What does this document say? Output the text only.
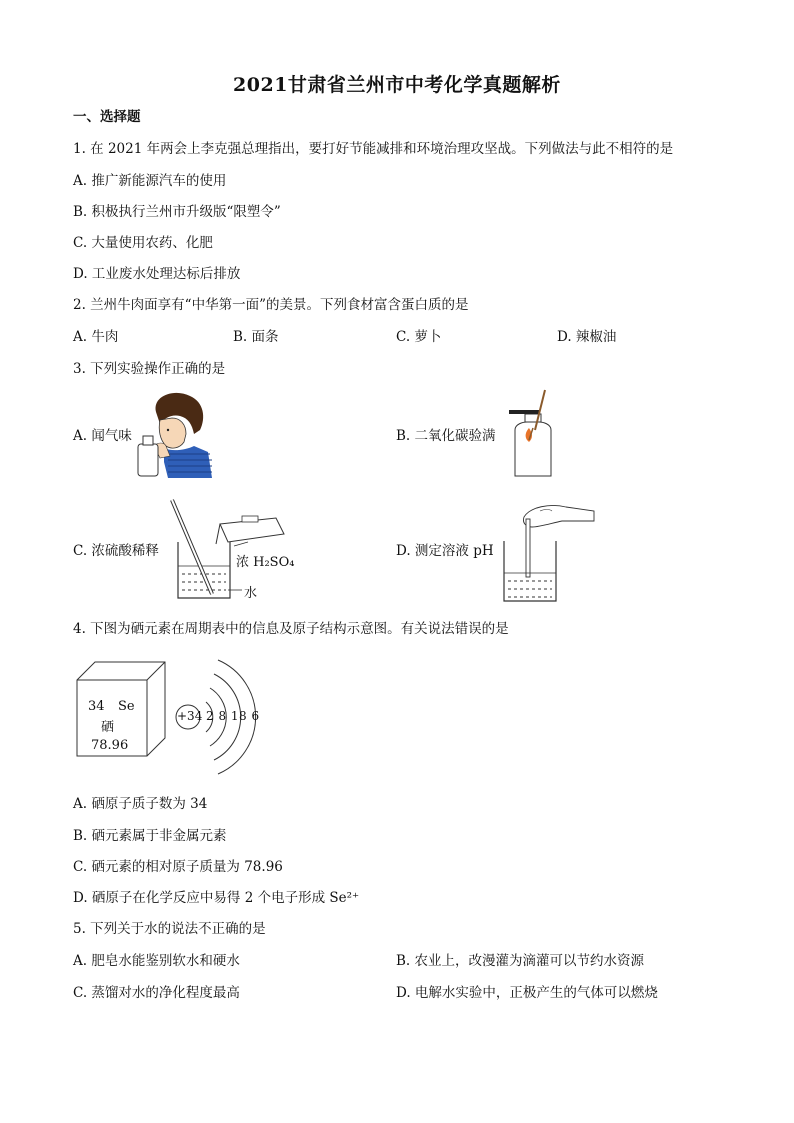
2021甘肃省兰州市中考化学真题解析
一、选择题
1. 在 2021 年两会上李克强总理指出，要打好节能减排和环境治理攻坚战。下列做法与此不相符的是
A. 推广新能源汽车的使用
B. 积极执行兰州市升级版“限塑令”
C. 大量使用农药、化肥
D. 工业废水处理达标后排放
2. 兰州牛肉面享有“中华第一面”的美景。下列食材富含蛋白质的是
A. 牛肉	B. 面条	C. 萝卜	D. 辣椒油
3. 下列实验操作正确的是
A. 闻气味	B. 二氧化碳验满
C. 浓硫酸稀释
浓 H₂SO₄
水
D. 测定溶液 pH
4. 下图为硒元素在周期表中的信息及原子结构示意图。有关说法错误的是
34 Se
硒
78.96
+34 2 8 18 6
A. 硒原子质子数为 34
B. 硒元素属于非金属元素
C. 硒元素的相对原子质量为 78.96
D. 硒原子在化学反应中易得 2 个电子形成 Se²⁺
5. 下列关于水的说法不正确的是
A. 肥皂水能鉴别软水和硬水	B. 农业上，改漫灌为滴灌可以节约水资源
C. 蒸馏对水的净化程度最高	D. 电解水实验中，正极产生的气体可以燃烧
